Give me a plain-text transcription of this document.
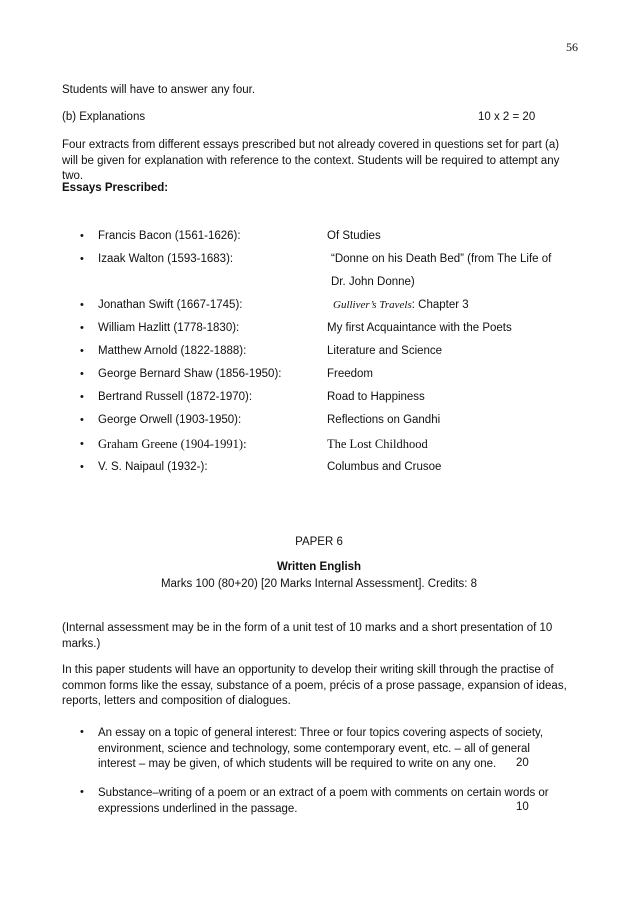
56
Students will have to answer any four.
(b) Explanations	10 x 2 = 20
Four extracts from different essays prescribed but not already covered in questions set for part (a) will be given for explanation with reference to the context. Students will be required to attempt any two.
Essays Prescribed:
• Francis Bacon (1561-1626):	Of Studies
• Izaak Walton (1593-1683):	“Donne on his Death Bed” (from The Life of
Dr. John Donne)
• Jonathan Swift (1667-1745):	Gulliver’s Travels: Chapter 3
• William Hazlitt (1778-1830):	My first Acquaintance with the Poets
• Matthew Arnold (1822-1888):	Literature and Science
• George Bernard Shaw (1856-1950):	Freedom
• Bertrand Russell (1872-1970):	Road to Happiness
• George Orwell (1903-1950):	Reflections on Gandhi
• Graham Greene (1904-1991):	The Lost Childhood
• V. S. Naipaul (1932-):	Columbus and Crusoe
PAPER 6
Written English
Marks 100 (80+20) [20 Marks Internal Assessment]. Credits: 8
(Internal assessment may be in the form of a unit test of 10 marks and a short presentation of 10 marks.)
In this paper students will have an opportunity to develop their writing skill through the practise of common forms like the essay, substance of a poem, précis of a prose passage, expansion of ideas, reports, letters and composition of dialogues.
• An essay on a topic of general interest: Three or four topics covering aspects of society, environment, science and technology, some contemporary event, etc. – all of general interest – may be given, of which students will be required to write on any one.	20
• Substance–writing of a poem or an extract of a poem with comments on certain words or expressions underlined in the passage.	10
